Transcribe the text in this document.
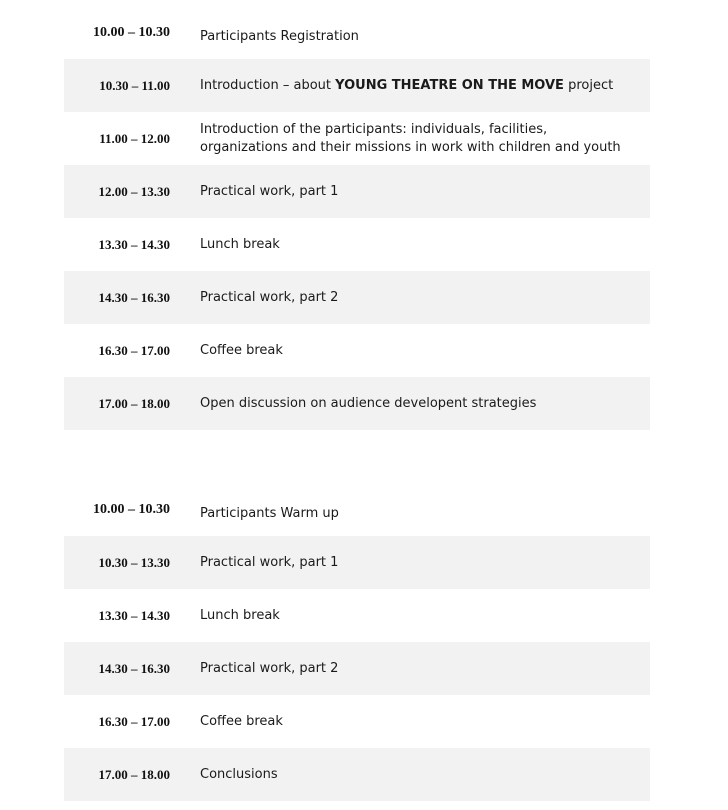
10.00 – 10.30 Participants Registration
10.30 – 11.00 Introduction – about YOUNG THEATRE ON THE MOVE project
11.00 – 12.00
Introduction of the participants: individuals, facilities, organizations and their missions in work with children and youth
12.00 – 13.30 Practical work, part 1
13.30 – 14.30 Lunch break
14.30 – 16.30 Practical work, part 2
16.30 – 17.00 Coffee break
17.00 – 18.00 Open discussion on audience developent strategies
10.00 – 10.30 Participants Warm up
10.30 – 13.30 Practical work, part 1
13.30 – 14.30 Lunch break
14.30 – 16.30 Practical work, part 2
16.30 – 17.00 Coffee break
17.00 – 18.00 Conclusions
